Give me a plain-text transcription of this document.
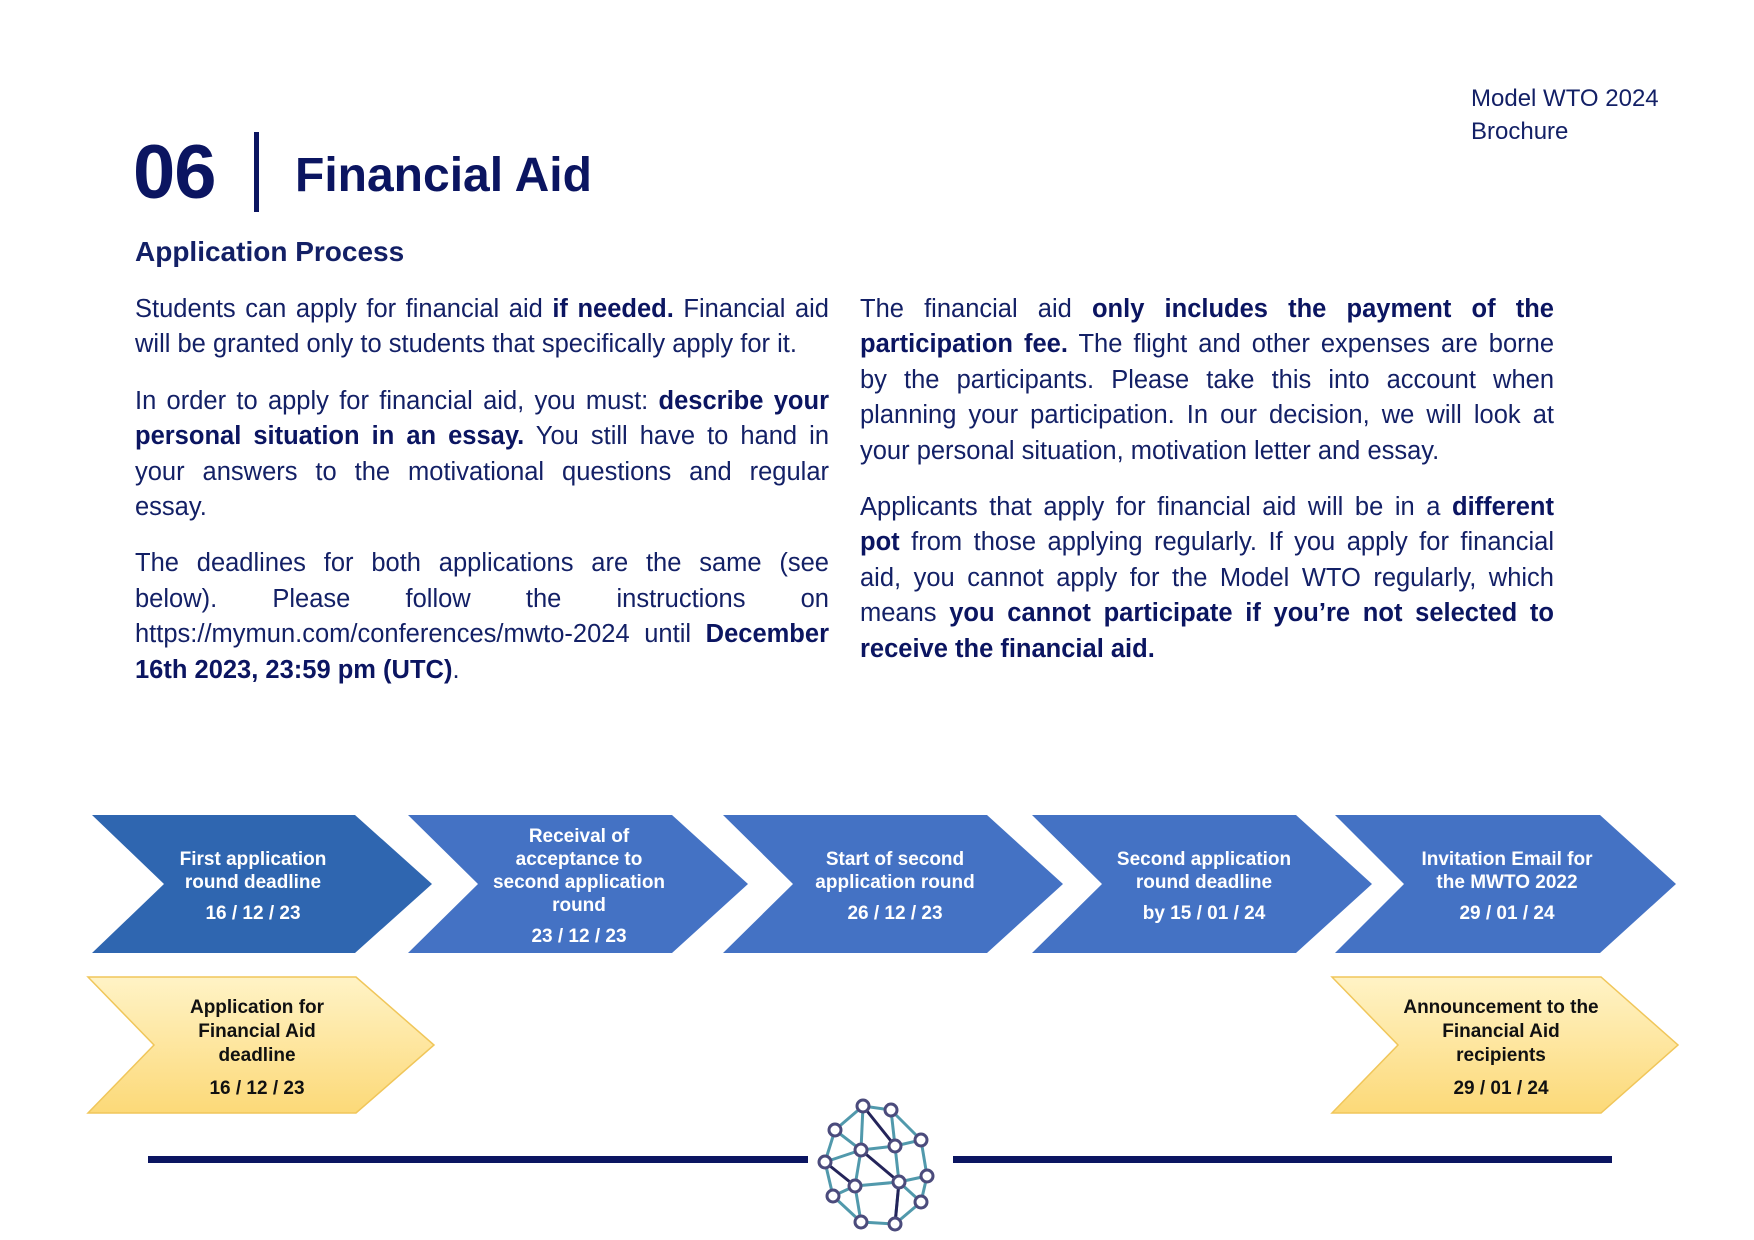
Model WTO 2024
Brochure
06 Financial Aid
Application Process

Students can apply for financial aid if needed. Financial aid will be granted only to students that specifically apply for it.

In order to apply for financial aid, you must: describe your personal situation in an essay. You still have to hand in your answers to the motivational questions and regular essay.

The deadlines for both applications are the same (see below). Please follow the instructions on https://mymun.com/conferences/mwto-2024 until December 16th 2023, 23:59 pm (UTC).

The financial aid only includes the payment of the participation fee. The flight and other expenses are borne by the participants. Please take this into account when planning your participation. In our decision, we will look at your personal situation, motivation letter and essay.

Applicants that apply for financial aid will be in a different pot from those applying regularly. If you apply for financial aid, you cannot apply for the Model WTO regularly, which means you cannot participate if you’re not selected to receive the financial aid.

First application
round deadline
16 / 12 / 23
Receival of
acceptance to
second application
round
23 / 12 / 23
Start of second
application round
26 / 12 / 23
Second application
round deadline
by 15 / 01 / 24
Invitation Email for
the MWTO 2022
29 / 01 / 24
Application for
Financial Aid
deadline
16 / 12 / 23
Announcement to the
Financial Aid
recipients
29 / 01 / 24
